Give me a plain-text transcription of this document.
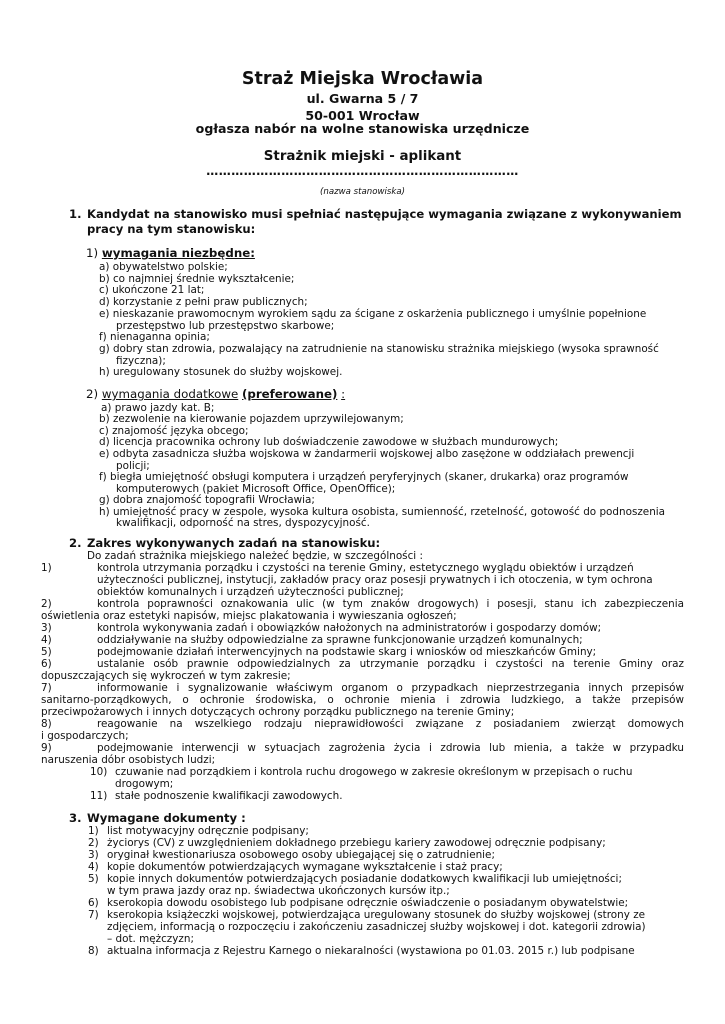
Straż Miejska Wrocławia
ul. Gwarna 5 / 7
50-001 Wrocław
ogłasza nabór na wolne stanowiska urzędnicze
Strażnik miejski - aplikant
…………………………………………………………………
(nazwa stanowiska)
1. Kandydat na stanowisko musi spełniać następujące wymagania związane z wykonywaniem
pracy na tym stanowisku:
1) wymagania niezbędne:
a) obywatelstwo polskie;
b) co najmniej średnie wykształcenie;
c) ukończone 21 lat;
d) korzystanie z pełni praw publicznych;
e) nieskazanie prawomocnym wyrokiem sądu za ścigane z oskarżenia publicznego i umyślnie popełnione
przestępstwo lub przestępstwo skarbowe;
f) nienaganna opinia;
g) dobry stan zdrowia, pozwalający na zatrudnienie na stanowisku strażnika miejskiego (wysoka sprawność
fizyczna);
h) uregulowany stosunek do służby wojskowej.
2) wymagania dodatkowe (preferowane) :
a) prawo jazdy kat. B;
b) zezwolenie na kierowanie pojazdem uprzywilejowanym;
c) znajomość języka obcego;
d) licencja pracownika ochrony lub doświadczenie zawodowe w służbach mundurowych;
e) odbyta zasadnicza służba wojskowa w żandarmerii wojskowej albo zasężone w oddziałach prewencji
policji;
f) biegła umiejętność obsługi komputera i urządzeń peryferyjnych (skaner, drukarka) oraz programów
komputerowych (pakiet Microsoft Office, OpenOffice);
g) dobra znajomość topografii Wrocławia;
h) umiejętność pracy w zespole, wysoka kultura osobista, sumienność, rzetelność, gotowość do podnoszenia
kwalifikacji, odporność na stres, dyspozycyjność.
2. Zakres wykonywanych zadań na stanowisku:
Do zadań strażnika miejskiego należeć będzie, w szczególności :
1)	kontrola utrzymania porządku i czystości na terenie Gminy, estetycznego wyglądu obiektów i urządzeń
użyteczności publicznej, instytucji, zakładów pracy oraz posesji prywatnych i ich otoczenia, w tym ochrona
obiektów komunalnych i urządzeń użyteczności publicznej;
2)	kontrola poprawności oznakowania ulic (w tym znaków drogowych) i posesji, stanu ich zabezpieczenia
oświetlenia oraz estetyki napisów, miejsc plakatowania i wywieszania ogłoszeń;
3)	kontrola wykonywania zadań i obowiązków nałożonych na administratorów i gospodarzy domów;
4)	oddziaływanie na służby odpowiedzialne za sprawne funkcjonowanie urządzeń komunalnych;
5)	podejmowanie działań interwencyjnych na podstawie skarg i wniosków od mieszkańców Gminy;
6)	ustalanie osób prawnie odpowiedzialnych za utrzymanie porządku i czystości na terenie Gminy oraz
dopuszczających się wykroczeń w tym zakresie;
7)	informowanie i sygnalizowanie właściwym organom o przypadkach nieprzestrzegania innych przepisów
sanitarno-porządkowych, o ochronie środowiska, o ochronie mienia i zdrowia ludzkiego, a także przepisów
przeciwpożarowych i innych dotyczących ochrony porządku publicznego na terenie Gminy;
8)	reagowanie na wszelkiego rodzaju nieprawidłowości związane z posiadaniem zwierząt domowych
i gospodarczych;
9)	podejmowanie interwencji w sytuacjach zagrożenia życia i zdrowia lub mienia, a także w przypadku
naruszenia dóbr osobistych ludzi;
10) czuwanie nad porządkiem i kontrola ruchu drogowego w zakresie określonym w przepisach o ruchu
drogowym;
11) stałe podnoszenie kwalifikacji zawodowych.
3. Wymagane dokumenty :
1) list motywacyjny odręcznie podpisany;
2) życiorys (CV) z uwzględnieniem dokładnego przebiegu kariery zawodowej odręcznie podpisany;
3) oryginał kwestionariusza osobowego osoby ubiegającej się o zatrudnienie;
4) kopie dokumentów potwierdzających wymagane wykształcenie i staż pracy;
5) kopie innych dokumentów potwierdzających posiadanie dodatkowych kwalifikacji lub umiejętności;
w tym prawa jazdy oraz np. świadectwa ukończonych kursów itp.;
6) kserokopia dowodu osobistego lub podpisane odręcznie oświadczenie o posiadanym obywatelstwie;
7) kserokopia książeczki wojskowej, potwierdzająca uregulowany stosunek do służby wojskowej (strony ze
zdjęciem, informacją o rozpoczęciu i zakończeniu zasadniczej służby wojskowej i dot. kategorii zdrowia)
– dot. mężczyzn;
8) aktualna informacja z Rejestru Karnego o niekaralności (wystawiona po 01.03. 2015 r.) lub podpisane
